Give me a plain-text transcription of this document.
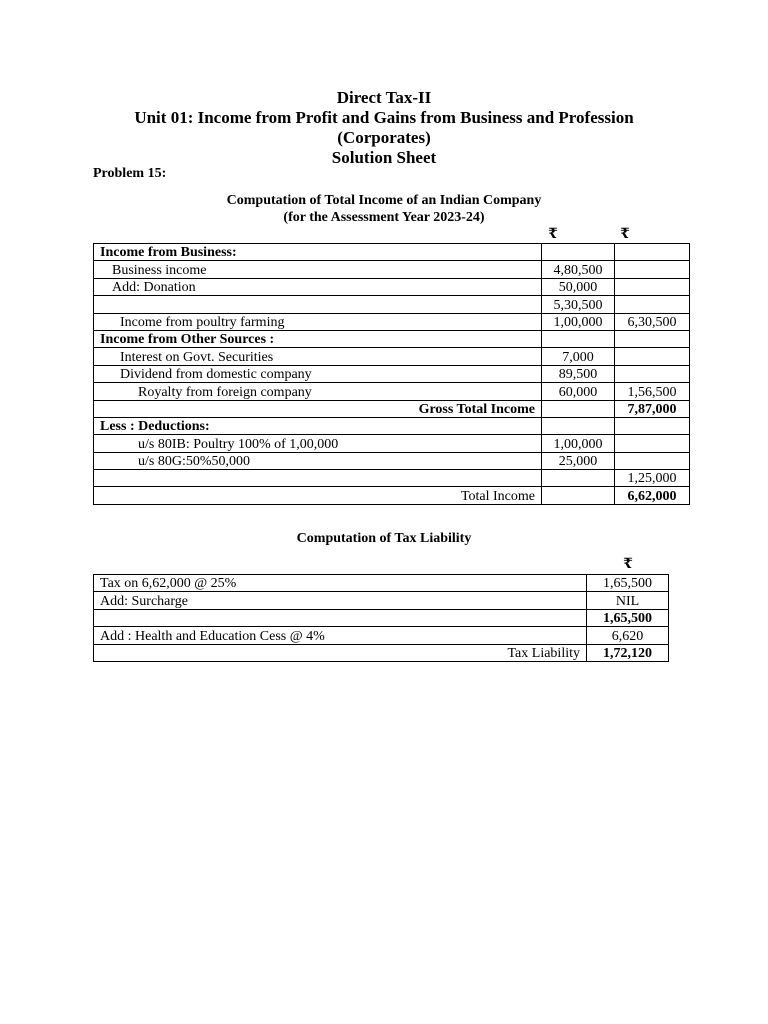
Direct Tax-II
Unit 01: Income from Profit and Gains from Business and Profession
(Corporates)
Solution Sheet
Problem 15:
Computation of Total Income of an Indian Company
(for the Assessment Year 2023-24)
₹	₹
Income from Business:		
Business income	4,80,500	
Add: Donation	50,000	
	5,30,500	
Income from poultry farming	1,00,000	6,30,500
Income from Other Sources :		
Interest on Govt. Securities	7,000	
Dividend from domestic company	89,500	
Royalty from foreign company	60,000	1,56,500
Gross Total Income		7,87,000
Less : Deductions:		
u/s 80IB: Poultry 100% of 1,00,000	1,00,000	
u/s 80G:50%50,000	25,000	
		1,25,000
Total Income		6,62,000
Computation of Tax Liability
₹
Tax on 6,62,000 @ 25%	1,65,500
Add: Surcharge	NIL
	1,65,500
Add : Health and Education Cess @ 4%	6,620
Tax Liability	1,72,120
